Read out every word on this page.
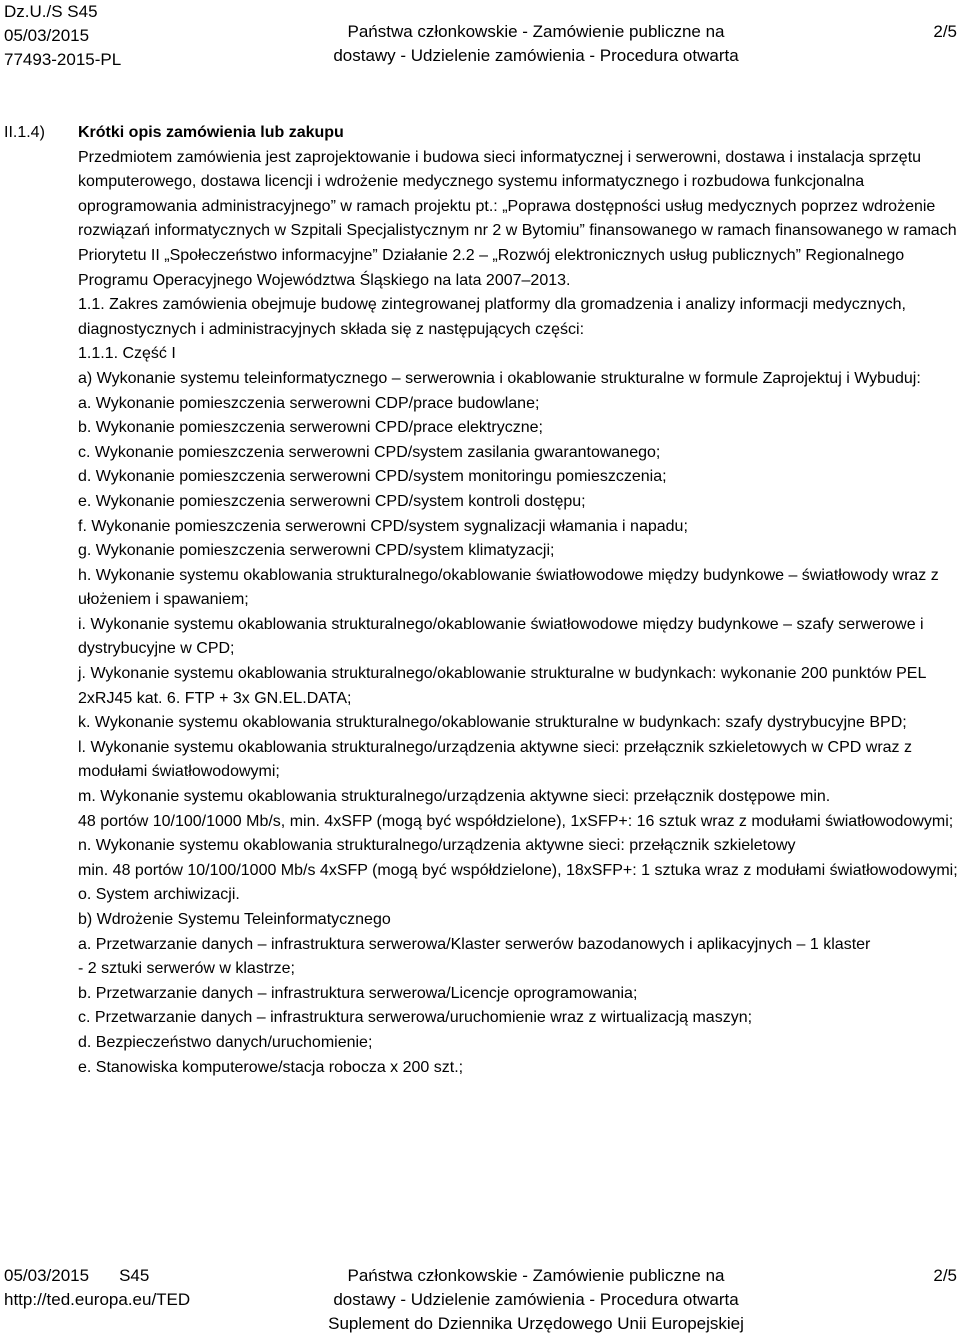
Dz.U./S S45
05/03/2015
77493-2015-PL
Państwa członkowskie - Zamówienie publiczne na
dostawy - Udzielenie zamówienia - Procedura otwarta
2/5
II.1.4) Krótki opis zamówienia lub zakupu

Przedmiotem zamówienia jest zaprojektowanie i budowa sieci informatycznej i serwerowni, dostawa i instalacja sprzętu komputerowego, dostawa licencji i wdrożenie medycznego systemu informatycznego i rozbudowa funkcjonalna oprogramowania administracyjnego” w ramach projektu pt.: „Poprawa dostępności usług medycznych poprzez wdrożenie rozwiązań informatycznych w Szpitali Specjalistycznym nr 2 w Bytomiu” finansowanego w ramach finansowanego w ramach Priorytetu II „Społeczeństwo informacyjne” Działanie 2.2 – „Rozwój elektronicznych usług publicznych” Regionalnego Programu Operacyjnego Województwa Śląskiego na lata 2007–2013.

1.1. Zakres zamówienia obejmuje budowę zintegrowanej platformy dla gromadzenia i analizy informacji medycznych, diagnostycznych i administracyjnych składa się z następujących części:

1.1.1. Część I

a) Wykonanie systemu teleinformatycznego – serwerownia i okablowanie strukturalne w formule Zaprojektuj i Wybuduj:

a. Wykonanie pomieszczenia serwerowni CDP/prace budowlane;

b. Wykonanie pomieszczenia serwerowni CPD/prace elektryczne;

c. Wykonanie pomieszczenia serwerowni CPD/system zasilania gwarantowanego;

d. Wykonanie pomieszczenia serwerowni CPD/system monitoringu pomieszczenia;

e. Wykonanie pomieszczenia serwerowni CPD/system kontroli dostępu;

f. Wykonanie pomieszczenia serwerowni CPD/system sygnalizacji włamania i napadu;

g. Wykonanie pomieszczenia serwerowni CPD/system klimatyzacji;

h. Wykonanie systemu okablowania strukturalnego/okablowanie światłowodowe między budynkowe – światłowody wraz z ułożeniem i spawaniem;

i. Wykonanie systemu okablowania strukturalnego/okablowanie światłowodowe między budynkowe – szafy serwerowe i dystrybucyjne w CPD;

j. Wykonanie systemu okablowania strukturalnego/okablowanie strukturalne w budynkach: wykonanie 200 punktów PEL 2xRJ45 kat. 6. FTP + 3x GN.EL.DATA;

k. Wykonanie systemu okablowania strukturalnego/okablowanie strukturalne w budynkach: szafy dystrybucyjne BPD;

l. Wykonanie systemu okablowania strukturalnego/urządzenia aktywne sieci: przełącznik szkieletowych w CPD wraz z modułami światłowodowymi;

m. Wykonanie systemu okablowania strukturalnego/urządzenia aktywne sieci: przełącznik dostępowe min.

48 portów 10/100/1000 Mb/s, min. 4xSFP (mogą być współdzielone), 1xSFP+: 16 sztuk wraz z modułami światłowodowymi;

n. Wykonanie systemu okablowania strukturalnego/urządzenia aktywne sieci: przełącznik szkieletowy

min. 48 portów 10/100/1000 Mb/s 4xSFP (mogą być współdzielone), 18xSFP+: 1 sztuka wraz z modułami światłowodowymi;

o. System archiwizacji.

b) Wdrożenie Systemu Teleinformatycznego

a. Przetwarzanie danych – infrastruktura serwerowa/Klaster serwerów bazodanowych i aplikacyjnych – 1 klaster

- 2 sztuki serwerów w klastrze;

b. Przetwarzanie danych – infrastruktura serwerowa/Licencje oprogramowania;

c. Przetwarzanie danych – infrastruktura serwerowa/uruchomienie wraz z wirtualizacją maszyn;

d. Bezpieczeństwo danych/uruchomienie;

e. Stanowiska komputerowe/stacja robocza x 200 szt.;

05/03/2015 S45
http://ted.europa.eu/TED
Państwa członkowskie - Zamówienie publiczne na
dostawy - Udzielenie zamówienia - Procedura otwarta
Suplement do Dziennika Urzędowego Unii Europejskiej
2/5
